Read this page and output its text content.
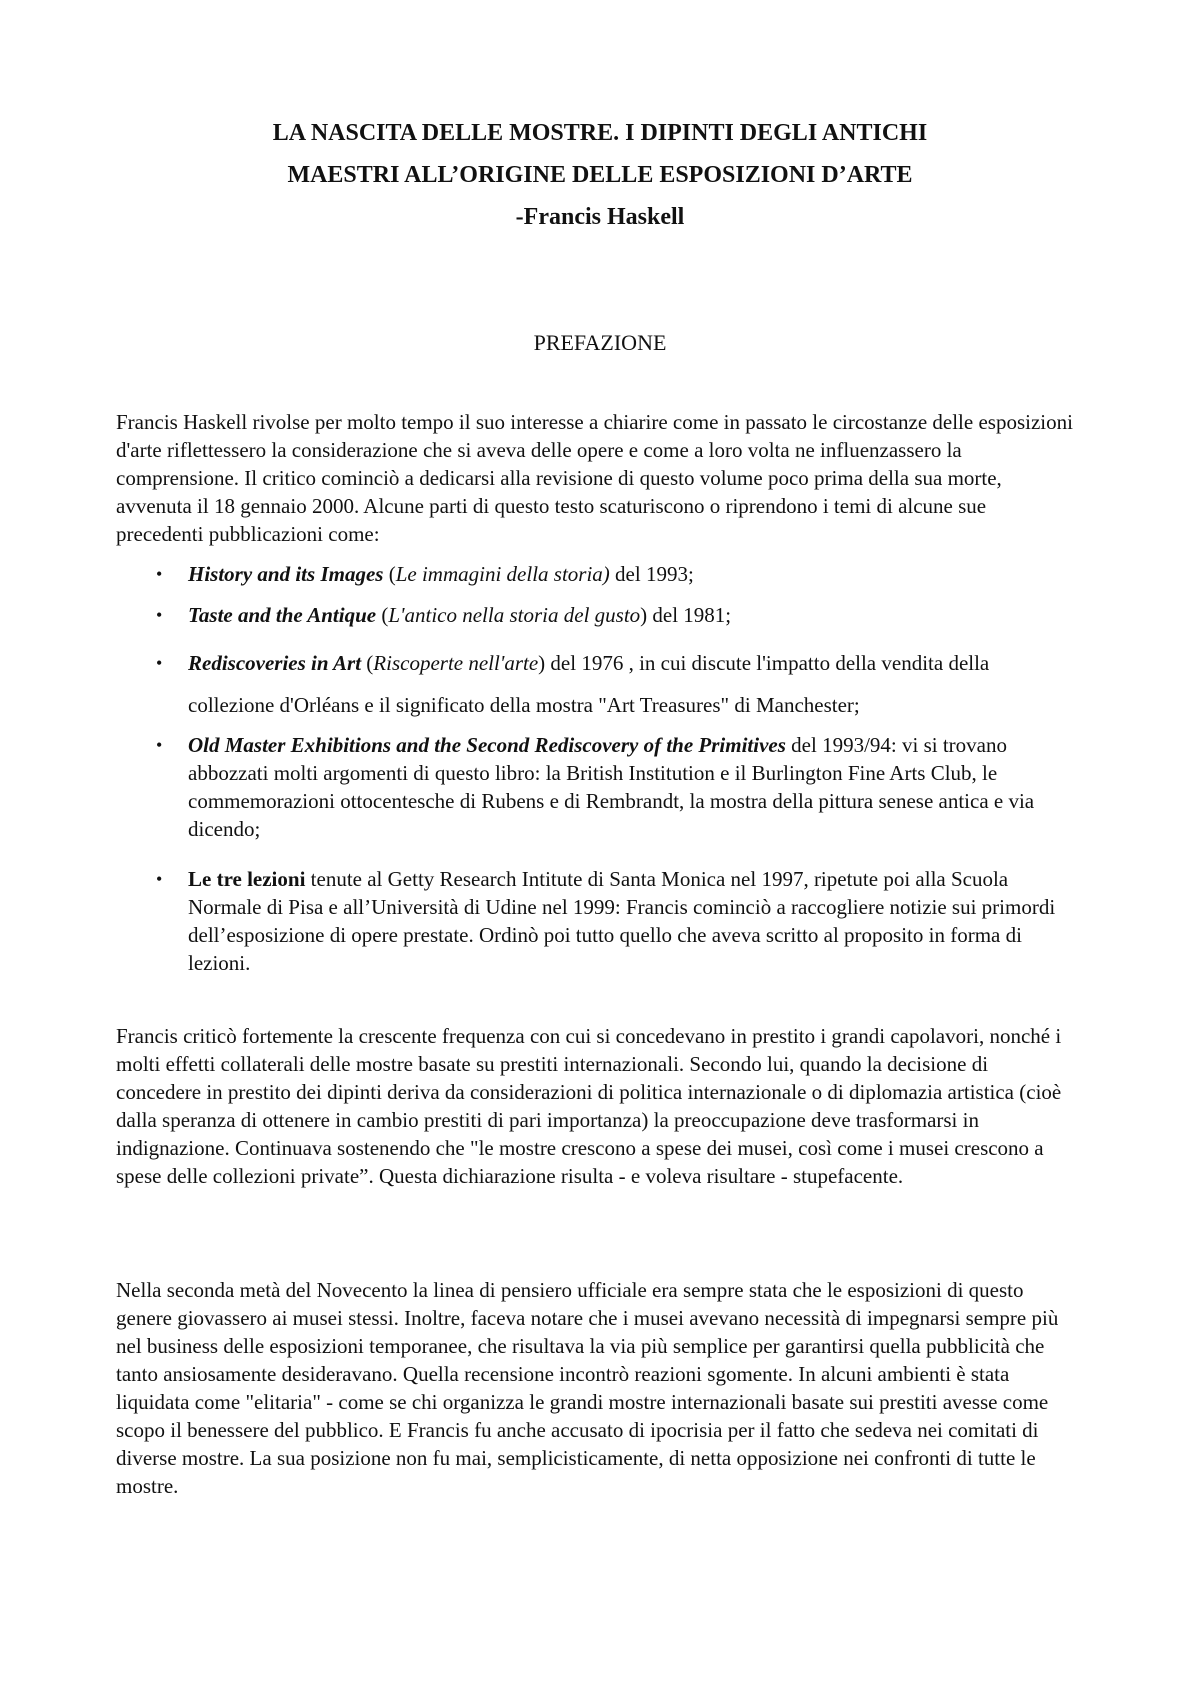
LA NASCITA DELLE MOSTRE. I DIPINTI DEGLI ANTICHI
MAESTRI ALL’ORIGINE DELLE ESPOSIZIONI D’ARTE
-Francis Haskell
PREFAZIONE

Francis Haskell rivolse per molto tempo il suo interesse a chiarire come in passato le circostanze delle esposizioni d'arte riflettessero la considerazione che si aveva delle opere e come a loro volta ne influenzassero la comprensione. Il critico cominciò a dedicarsi alla revisione di questo volume poco prima della sua morte, avvenuta il 18 gennaio 2000. Alcune parti di questo testo scaturiscono o riprendono i temi di alcune sue precedenti pubblicazioni come:

• History and its Images (Le immagini della storia) del 1993;
• Taste and the Antique (L'antico nella storia del gusto) del 1981;
• Rediscoveries in Art (Riscoperte nell'arte) del 1976 , in cui discute l'impatto della vendita della collezione d'Orléans e il significato della mostra "Art Treasures" di Manchester;
• Old Master Exhibitions and the Second Rediscovery of the Primitives del 1993/94: vi si trovano abbozzati molti argomenti di questo libro: la British Institution e il Burlington Fine Arts Club, le commemorazioni ottocentesche di Rubens e di Rembrandt, la mostra della pittura senese antica e via dicendo;
• Le tre lezioni tenute al Getty Research Intitute di Santa Monica nel 1997, ripetute poi alla Scuola Normale di Pisa e all’Università di Udine nel 1999: Francis cominciò a raccogliere notizie sui primordi dell’esposizione di opere prestate. Ordinò poi tutto quello che aveva scritto al proposito in forma di lezioni.

Francis criticò fortemente la crescente frequenza con cui si concedevano in prestito i grandi capolavori, nonché i molti effetti collaterali delle mostre basate su prestiti internazionali. Secondo lui, quando la decisione di concedere in prestito dei dipinti deriva da considerazioni di politica internazionale o di diplomazia artistica (cioè dalla speranza di ottenere in cambio prestiti di pari importanza) la preoccupazione deve trasformarsi in indignazione. Continuava sostenendo che "le mostre crescono a spese dei musei, così come i musei crescono a spese delle collezioni private”. Questa dichiarazione risulta - e voleva risultare - stupefacente.

Nella seconda metà del Novecento la linea di pensiero ufficiale era sempre stata che le esposizioni di questo genere giovassero ai musei stessi. Inoltre, faceva notare che i musei avevano necessità di impegnarsi sempre più nel business delle esposizioni temporanee, che risultava la via più semplice per garantirsi quella pubblicità che tanto ansiosamente desideravano. Quella recensione incontrò reazioni sgomente. In alcuni ambienti è stata liquidata come "elitaria" - come se chi organizza le grandi mostre internazionali basate sui prestiti avesse come scopo il benessere del pubblico. E Francis fu anche accusato di ipocrisia per il fatto che sedeva nei comitati di diverse mostre. La sua posizione non fu mai, semplicisticamente, di netta opposizione nei confronti di tutte le mostre.
